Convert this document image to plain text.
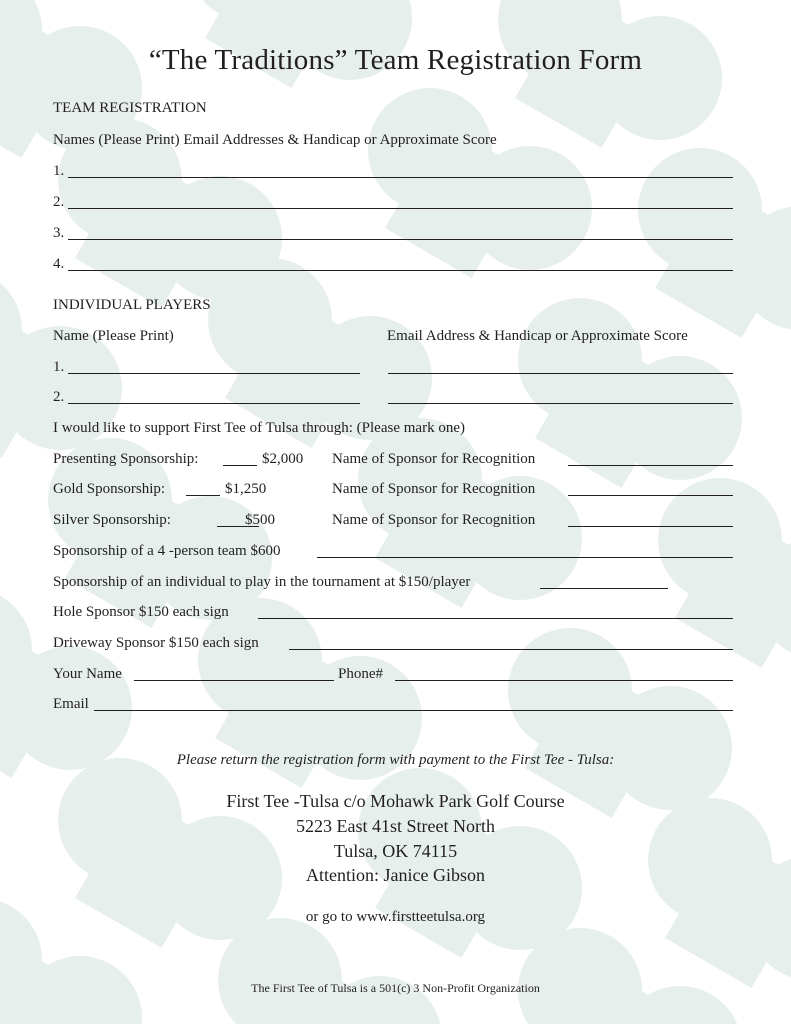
“The Traditions” Team Registration Form
TEAM REGISTRATION
Names (Please Print) Email Addresses & Handicap or Approximate Score
1.
2.
3.
4.
INDIVIDUAL PLAYERS
Name (Please Print)	Email Address & Handicap or Approximate Score
1.
2.
I would like to support First Tee of Tulsa through: (Please mark one)
Presenting Sponsorship:	$2,000 Name of Sponsor for Recognition
Gold Sponsorship:	$1,250	Name of Sponsor for Recognition
Silver Sponsorship:	$500	Name of Sponsor for Recognition
Sponsorship of a 4 -person team $600
Sponsorship of an individual to play in the tournament at $150/player
Hole Sponsor $150 each sign
Driveway Sponsor $150 each sign
Your Name	Phone#
Email
Please return the registration form with payment to the First Tee - Tulsa:
First Tee -Tulsa c/o Mohawk Park Golf Course
5223 East 41st Street North
Tulsa, OK 74115
Attention: Janice Gibson
or go to www.firstteetulsa.org
The First Tee of Tulsa is a 501(c) 3 Non-Profit Organization
